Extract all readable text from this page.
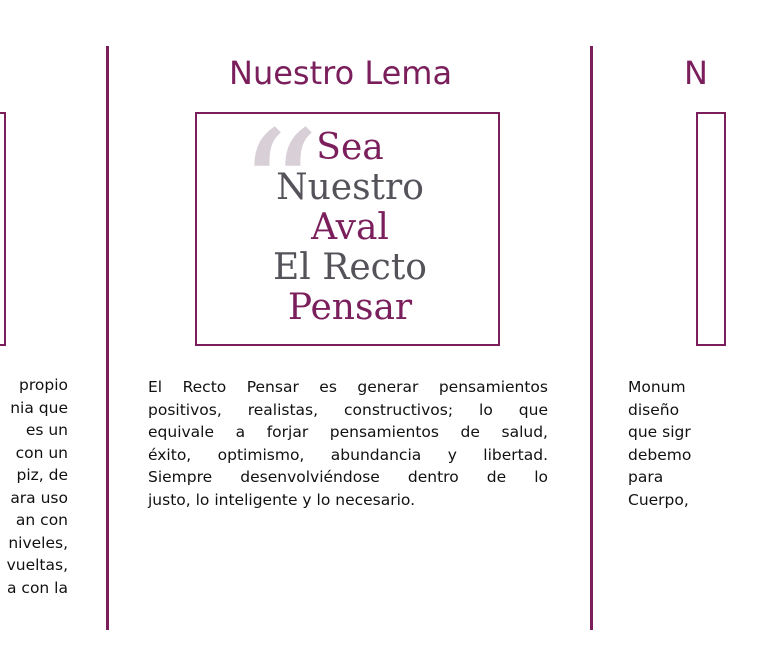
propio
nia que
es un
con un
piz, de
ara uso
an con
niveles,
vueltas,
a con la
Nuestro Lema
“
Sea
Nuestro
Aval
El Recto
Pensar
El Recto Pensar es generar pensamientos
positivos, realistas, constructivos; lo que
equivale a forjar pensamientos de salud,
éxito, optimismo, abundancia y libertad.
Siempre desenvolviéndose dentro de lo
justo, lo inteligente y lo necesario.
N
Monum
diseño
que sigr
debemo
para
Cuerpo,
